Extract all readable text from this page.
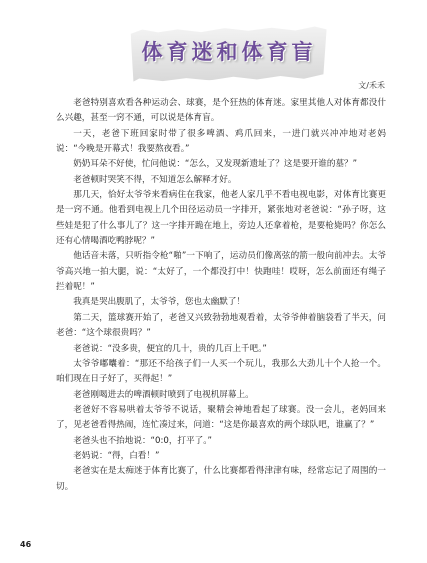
体育迷和体育盲
文/禾禾

老爸特别喜欢看各种运动会、球赛，是个狂热的体育迷。家里其他人对体育都没什么兴趣，甚至一窍不通，可以说是体育盲。

一天，老爸下班回家时带了很多啤酒、鸡爪回来，一进门就兴冲冲地对老妈说：“今晚是开幕式！我要熬夜看。”

奶奶耳朵不好使，忙问他说：“怎么，又发现新遗址了？这是要开谁的墓？”

老爸顿时哭笑不得，不知道怎么解释才好。

那几天，恰好太爷爷来看病住在我家，他老人家几乎不看电视电影，对体育比赛更是一窍不通。他看到电视上几个田径运动员一字排开，紧张地对老爸说：“孙子呀，这些娃是犯了什么事儿了？这一字排开跪在地上，旁边人还拿着枪，是要枪毙吗？你怎么还有心情喝酒吃鸭脖呢？”

他话音未落，只听指令枪“啪”一下响了，运动员们像离弦的箭一般向前冲去。太爷爷高兴地一拍大腿，说：“太好了，一个都没打中！快跑哇！哎呀，怎么前面还有绳子拦着呢！”

我真是哭出腹肌了，太爷爷，您也太幽默了！

第二天，篮球赛开始了，老爸又兴致勃勃地观看着，太爷爷伸着脑袋看了半天，问老爸：“这个球很贵吗？”

老爸说：“没多贵，便宜的几十，贵的几百上千吧。”

太爷爷嘟囔着：“那还不给孩子们一人买一个玩儿，我那么大劲儿十个人抢一个。咱们现在日子好了，买得起！”

老爸刚喝进去的啤酒顿时喷到了电视机屏幕上。

老爸好不容易哄着太爷爷不说话，聚精会神地看起了球赛。没一会儿，老妈回来了，见老爸看得热闹，连忙凑过来，问道：“这是你最喜欢的两个球队吧，谁赢了？”

老爸头也不抬地说：“0:0，打平了。”

老妈说：“得，白看！”

老爸实在是太痴迷于体育比赛了，什么比赛都看得津津有味，经常忘记了周围的一切。

46
